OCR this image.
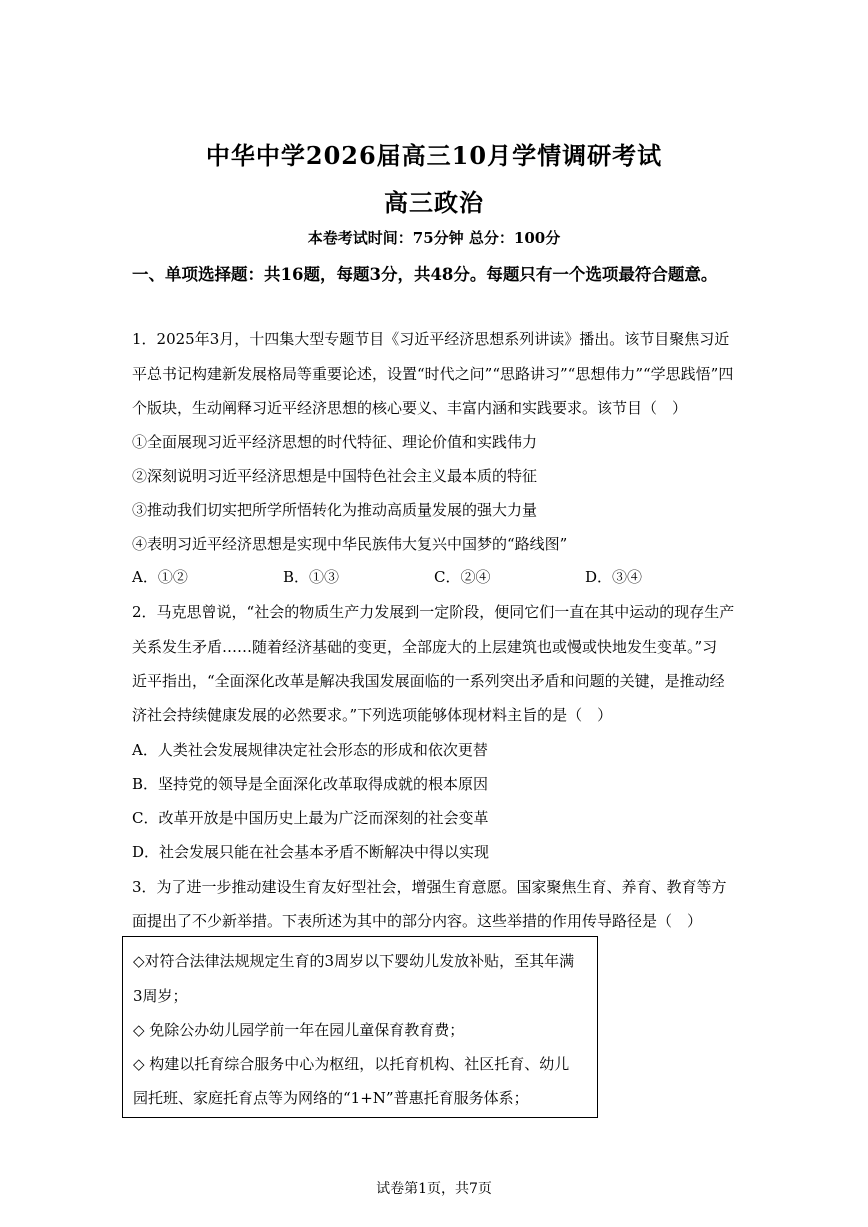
中华中学2026届高三10月学情调研考试
高三政治
本卷考试时间：75分钟 总分：100分
一、单项选择题：共16题，每题3分，共48分。每题只有一个选项最符合题意。
1．2025年3月，十四集大型专题节目《习近平经济思想系列讲读》播出。该节目聚焦习近
平总书记构建新发展格局等重要论述，设置“时代之问”“思路讲习”“思想伟力”“学思践悟”四
个版块，生动阐释习近平经济思想的核心要义、丰富内涵和实践要求。该节目（　）
①全面展现习近平经济思想的时代特征、理论价值和实践伟力
②深刻说明习近平经济思想是中国特色社会主义最本质的特征
③推动我们切实把所学所悟转化为推动高质量发展的强大力量
④表明习近平经济思想是实现中华民族伟大复兴中国梦的“路线图”
A．①②	B．①③	C．②④	D．③④
2．马克思曾说，“社会的物质生产力发展到一定阶段，便同它们一直在其中运动的现存生产
关系发生矛盾……随着经济基础的变更，全部庞大的上层建筑也或慢或快地发生变革。”习
近平指出，“全面深化改革是解决我国发展面临的一系列突出矛盾和问题的关键，是推动经
济社会持续健康发展的必然要求。”下列选项能够体现材料主旨的是（　）
A．人类社会发展规律决定社会形态的形成和依次更替
B．坚持党的领导是全面深化改革取得成就的根本原因
C．改革开放是中国历史上最为广泛而深刻的社会变革
D．社会发展只能在社会基本矛盾不断解决中得以实现
3．为了进一步推动建设生育友好型社会，增强生育意愿。国家聚焦生育、养育、教育等方
面提出了不少新举措。下表所述为其中的部分内容。这些举措的作用传导路径是（　）
◇对符合法律法规规定生育的3周岁以下婴幼儿发放补贴，至其年满
3周岁；
◇ 免除公办幼儿园学前一年在园儿童保育教育费；
◇ 构建以托育综合服务中心为枢纽，以托育机构、社区托育、幼儿
园托班、家庭托育点等为网络的“1+N”普惠托育服务体系；
试卷第1页，共7页
